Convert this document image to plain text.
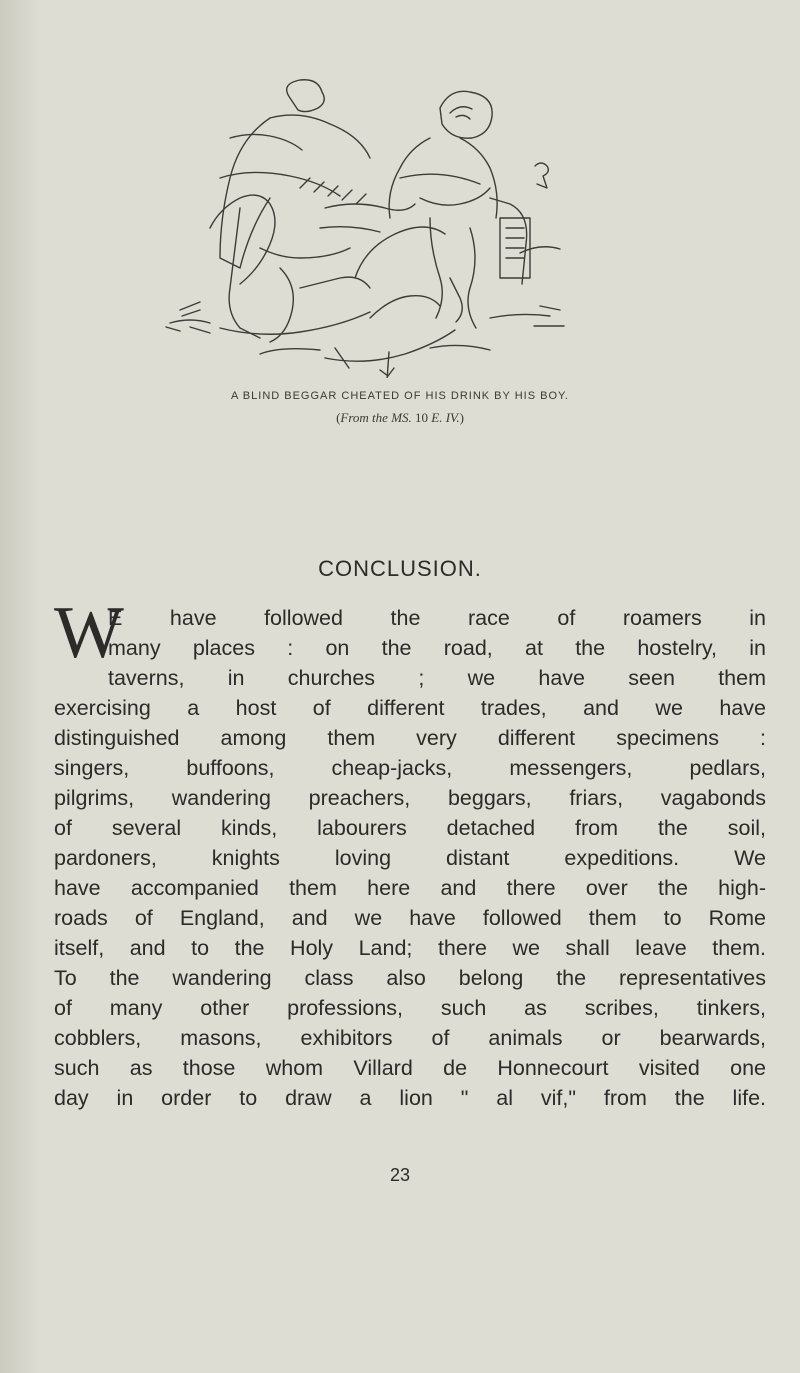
A BLIND BEGGAR CHEATED OF HIS DRINK BY HIS BOY.
(From the MS. 10 E. IV.)
CONCLUSION.
W
E have followed the race of roamers in
many places : on the road, at the hostelry, in
taverns, in churches ; we have seen them
exercising a host of different trades, and we have
distinguished among them very different specimens :
singers, buffoons, cheap-jacks, messengers, pedlars,
pilgrims, wandering preachers, beggars, friars, vagabonds
of several kinds, labourers detached from the soil,
pardoners, knights loving distant expeditions. We
have accompanied them here and there over the high-
roads of England, and we have followed them to Rome
itself, and to the Holy Land; there we shall leave them.
To the wandering class also belong the representatives
of many other professions, such as scribes, tinkers,
cobblers, masons, exhibitors of animals or bearwards,
such as those whom Villard de Honnecourt visited one
day in order to draw a lion " al vif," from the life.
23
